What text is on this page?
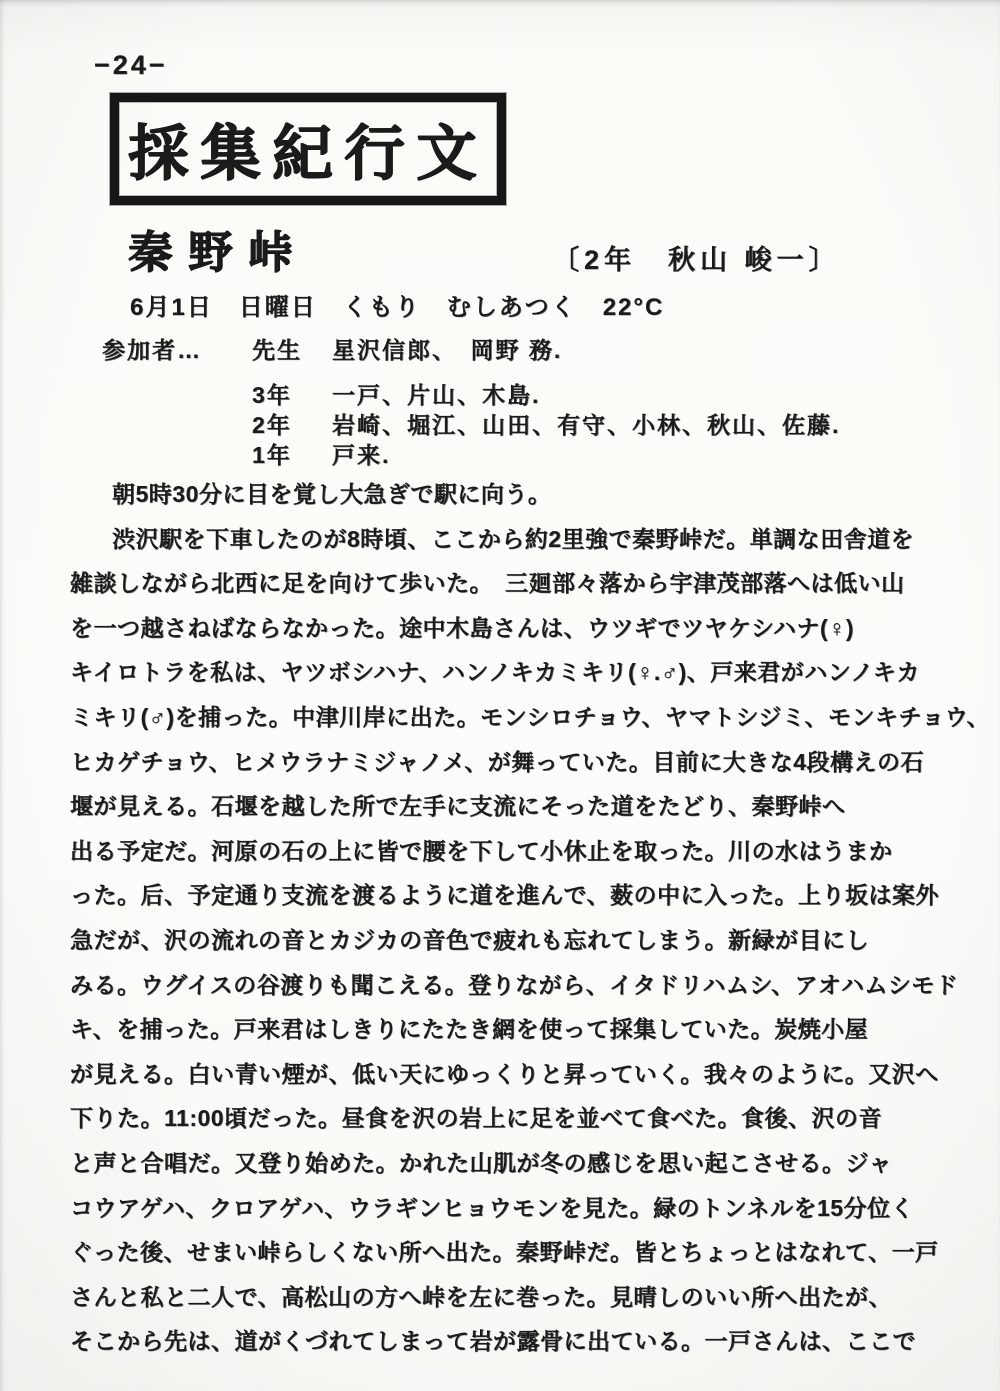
−24−
採集紀行文
秦野峠	〔2年　秋山 峻一〕
6月1日　日曜日　くもり　むしあつく　22°C
参加者…	先生	星沢信郎、　岡野 務.
3年	一戸、片山、木島.
2年	岩崎、堀江、山田、有守、小林、秋山、佐藤.
1年	戸来.
朝5時30分に目を覚し大急ぎで駅に向う。
渋沢駅を下車したのが8時頃、ここから約2里強で秦野峠だ。単調な田舎道を
雑談しながら北西に足を向けて歩いた。　三廻部々落から宇津茂部落へは低い山
を一つ越さねばならなかった。途中木島さんは、ウツギでツヤケシハナ(♀)
キイロトラを私は、ヤツボシハナ、ハンノキカミキリ(♀.♂)、戸来君がハンノキカ
ミキリ(♂)を捕った。中津川岸に出た。モンシロチョウ、ヤマトシジミ、モンキチョウ、
ヒカゲチョウ、ヒメウラナミジャノメ、が舞っていた。目前に大きな4段構えの石
堰が見える。石堰を越した所で左手に支流にそった道をたどり、秦野峠へ
出る予定だ。河原の石の上に皆で腰を下して小休止を取った。川の水はうまか
った。后、予定通り支流を渡るように道を進んで、薮の中に入った。上り坂は案外
急だが、沢の流れの音とカジカの音色で疲れも忘れてしまう。新緑が目にし
みる。ウグイスの谷渡りも聞こえる。登りながら、イタドリハムシ、アオハムシモド
キ、を捕った。戸来君はしきりにたたき網を使って採集していた。炭焼小屋
が見える。白い青い煙が、低い天にゆっくりと昇っていく。我々のように。又沢へ
下りた。11:00頃だった。昼食を沢の岩上に足を並べて食べた。食後、沢の音
と声と合唱だ。又登り始めた。かれた山肌が冬の感じを思い起こさせる。ジャ
コウアゲハ、クロアゲハ、ウラギンヒョウモンを見た。緑のトンネルを15分位く
ぐった後、せまい峠らしくない所へ出た。秦野峠だ。皆とちょっとはなれて、一戸
さんと私と二人で、高松山の方へ峠を左に巻った。見晴しのいい所へ出たが、
そこから先は、道がくづれてしまって岩が露骨に出ている。一戸さんは、ここで
